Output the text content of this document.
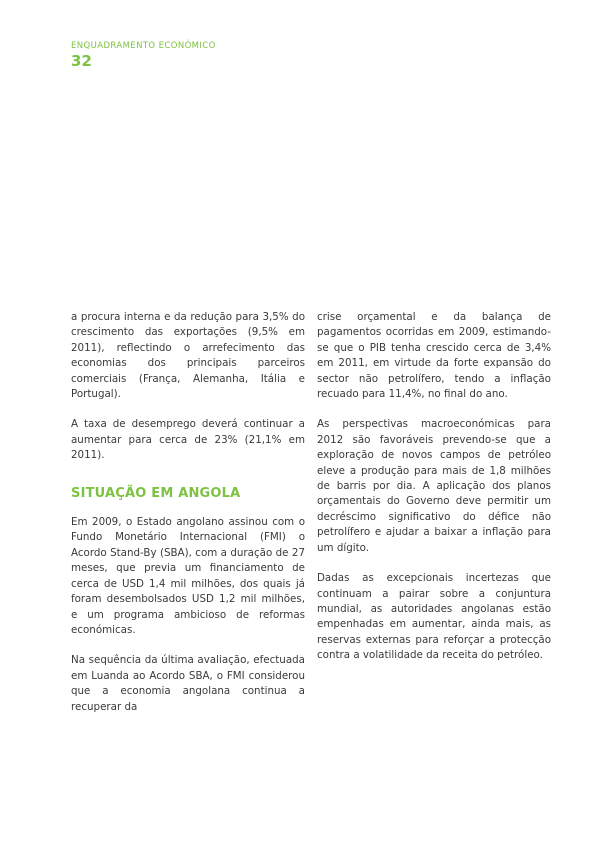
ENQUADRAMENTO ECONÓMICO
32

a procura interna e da redução para 3,5% do crescimento das exportações (9,5% em 2011), reflectindo o arrefecimento das economias dos principais parceiros comerciais (França, Alemanha, Itália e Portugal).

A taxa de desemprego deverá continuar a aumentar para cerca de 23% (21,1% em 2011).

SITUAÇÃO EM ANGOLA

Em 2009, o Estado angolano assinou com o Fundo Monetário Internacional (FMI) o Acordo Stand-By (SBA), com a duração de 27 meses, que previa um financiamento de cerca de USD 1,4 mil milhões, dos quais já foram desembolsados USD 1,2 mil milhões, e um programa ambicioso de reformas económicas.

Na sequência da última avaliação, efectuada em Luanda ao Acordo SBA, o FMI considerou que a economia angolana continua a recuperar da

crise orçamental e da balança de pagamentos ocorridas em 2009, estimando-se que o PIB tenha crescido cerca de 3,4% em 2011, em virtude da forte expansão do sector não petrolífero, tendo a inflação recuado para 11,4%, no final do ano.

As perspectivas macroeconómicas para 2012 são favoráveis prevendo-se que a exploração de novos campos de petróleo eleve a produção para mais de 1,8 milhões de barris por dia. A aplicação dos planos orçamentais do Governo deve permitir um decréscimo significativo do défice não petrolífero e ajudar a baixar a inflação para um dígito.

Dadas as excepcionais incertezas que continuam a pairar sobre a conjuntura mundial, as autoridades angolanas estão empenhadas em aumentar, ainda mais, as reservas externas para reforçar a protecção contra a volatilidade da receita do petróleo.
